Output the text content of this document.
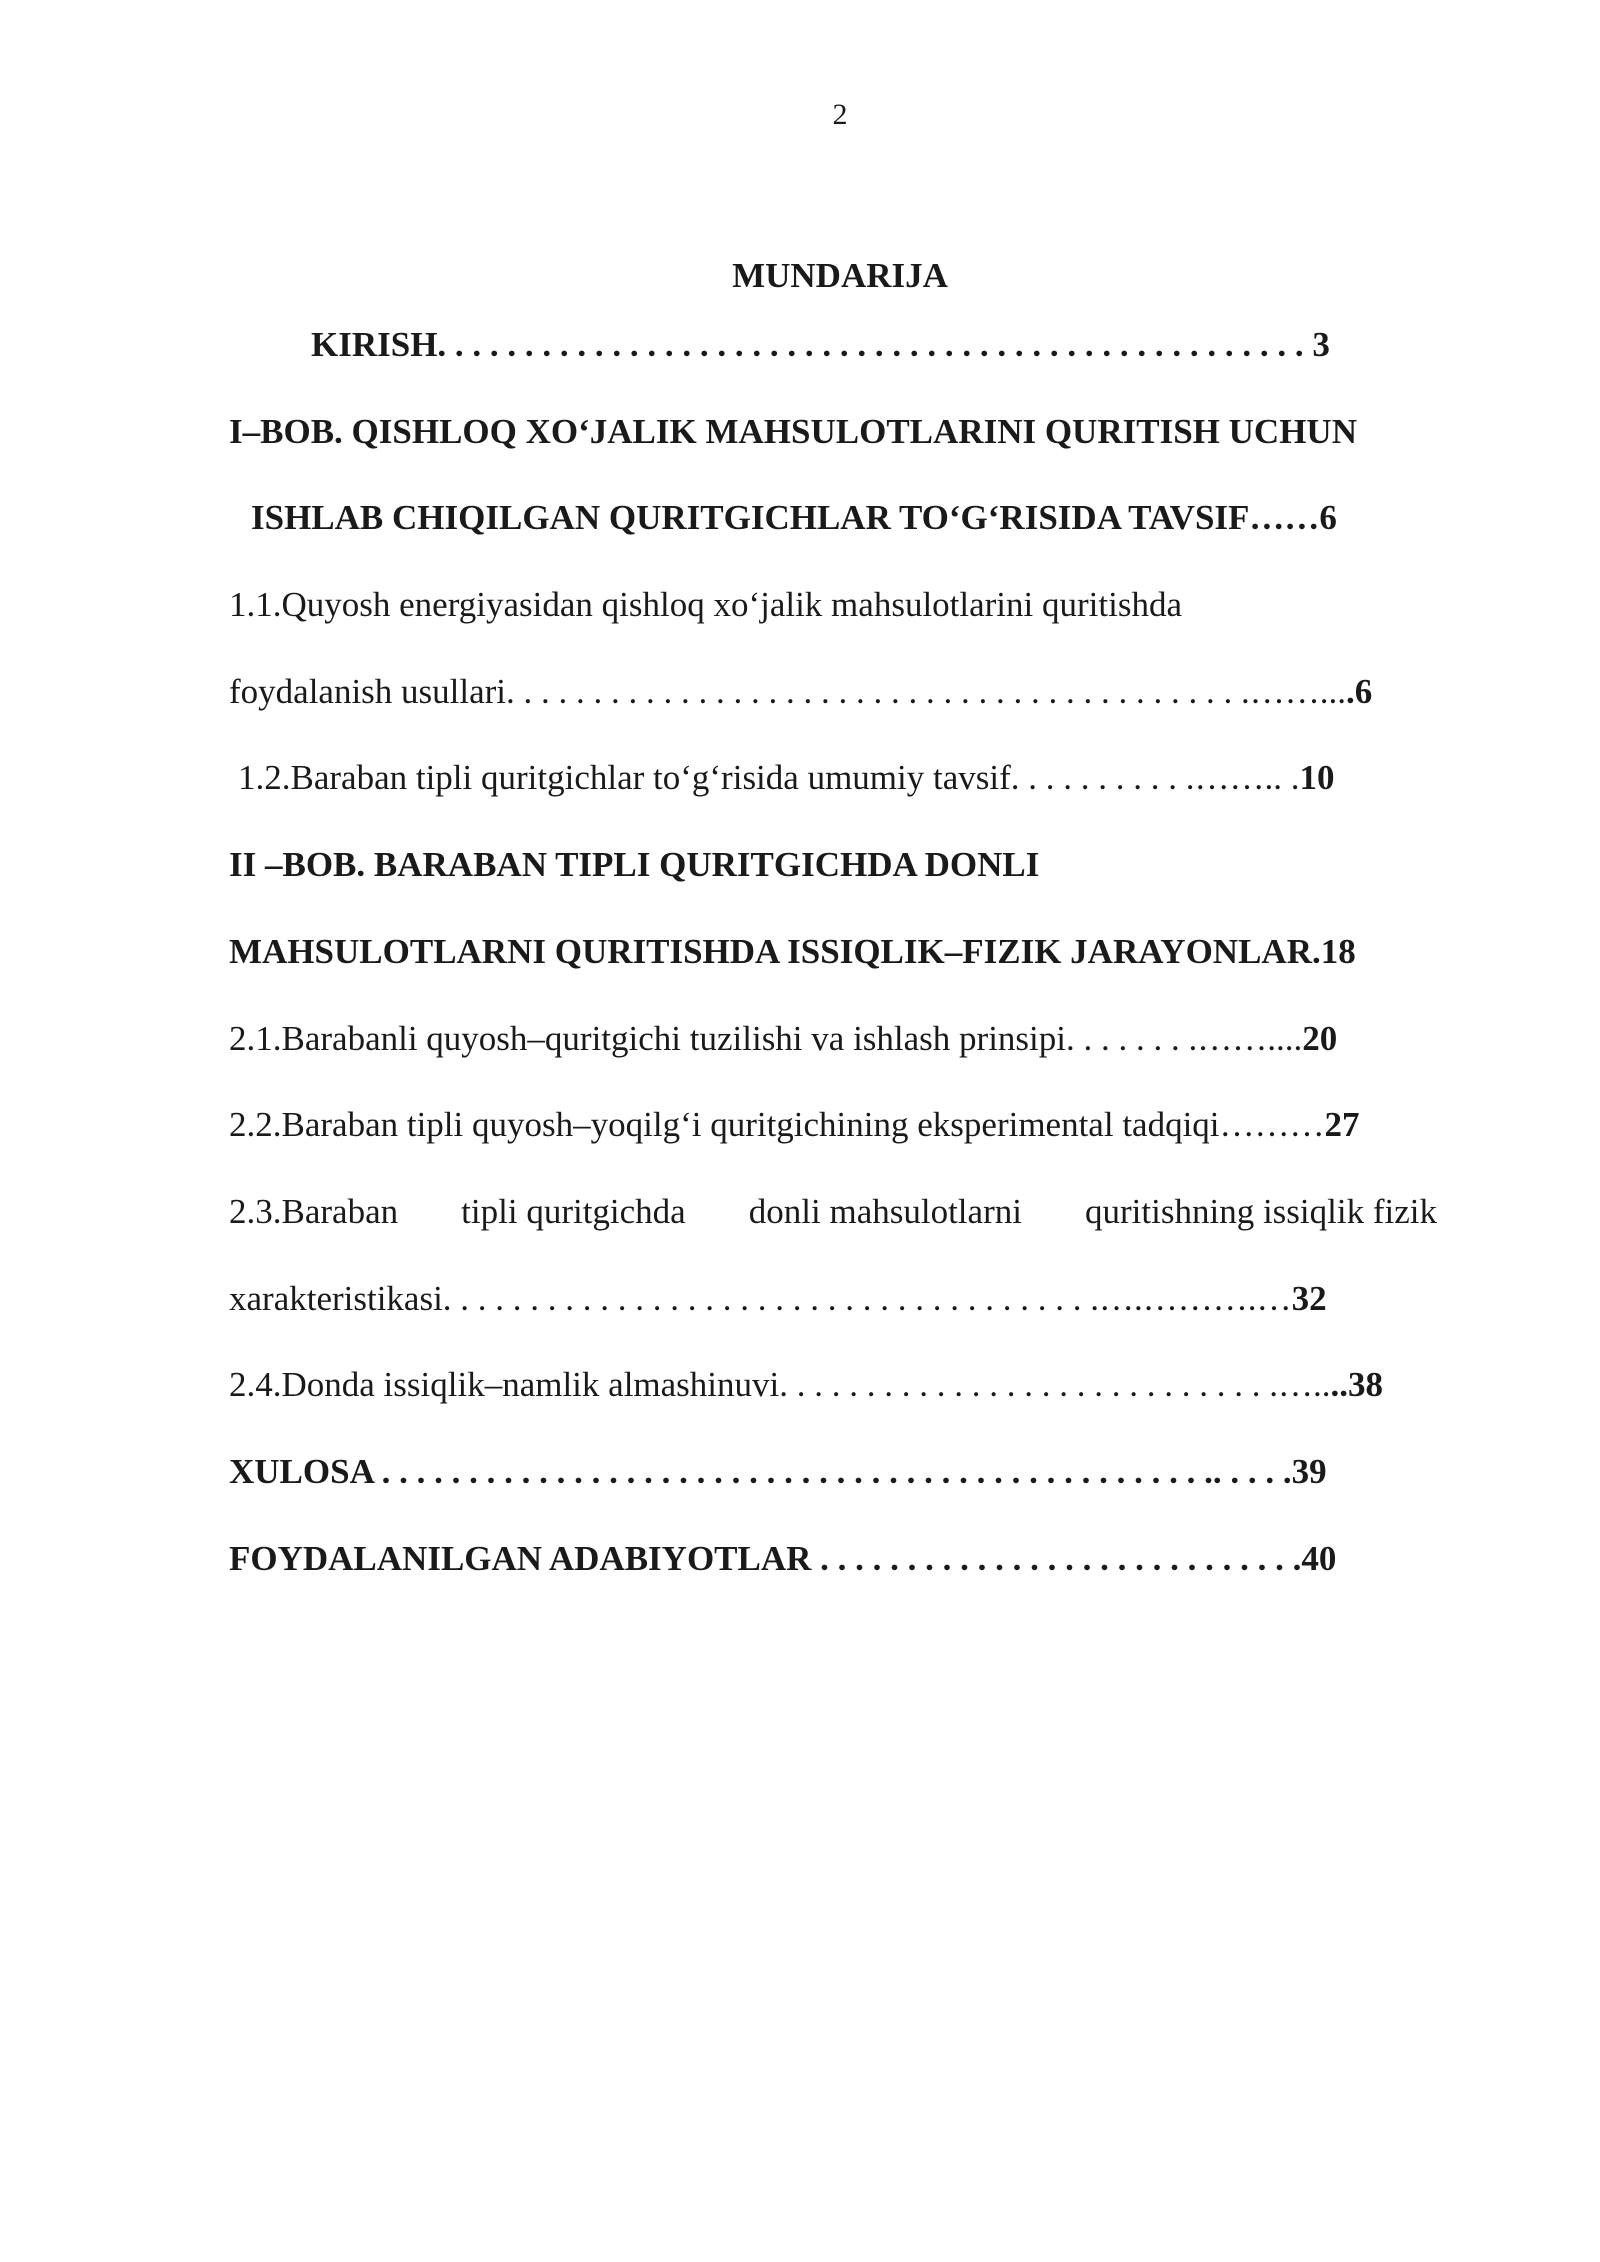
2
MUNDARIJA
KIRISH. . . . . . . . . . . . . . . . . . . . . . . . . . . . . . . . . . . . . . . . . . . . . . . . . . 3
I–BOB. QISHLOQ XO‘JALIK MAHSULOTLARINI QURITISH UCHUN
ISHLAB CHIQILGAN QURITGICHLAR TO‘G‘RISIDA TAVSIF……6
1.1.Quyosh energiyasidan qishloq xo‘jalik mahsulotlarini quritishda
foydalanish usullari. . . . . . . . . . . . . . . . . . . . . . . . . . . . . . . . . . . . . . . . . . .……....6
1.2.Baraban tipli quritgichlar to‘g‘risida umumiy tavsif. . . . . . . . . . .…….. .10
II –BOB. BARABAN TIPLI QURITGICHDA DONLI
MAHSULOTLARNI QURITISHDA ISSIQLIK–FIZIK JARAYONLAR.18
2.1.Barabanli quyosh–quritgichi tuzilishi va ishlash prinsipi. . . . . . . .……....20
2.2.Baraban tipli quyosh–yoqilg‘i quritgichining eksperimental tadqiqi………27
2.3.Baraban tipli quritgichda donli mahsulotlarni quritishning issiqlik fizik
xarakteristikasi. . . . . . . . . . . . . . . . . . . . . . . . . . . . . . . . . . . . . .….……….…32
2.4.Donda issiqlik–namlik almashinuvi. . . . . . . . . . . . . . . . . . . . . . . . . . . . .…....38
XULOSA . . . . . . . . . . . . . . . . . . . . . . . . . . . . . . . . . . . . . . . . . . . . . . . .. . . . .39
FOYDALANILGAN ADABIYOTLAR . . . . . . . . . . . . . . . . . . . . . . . . . . . .40
